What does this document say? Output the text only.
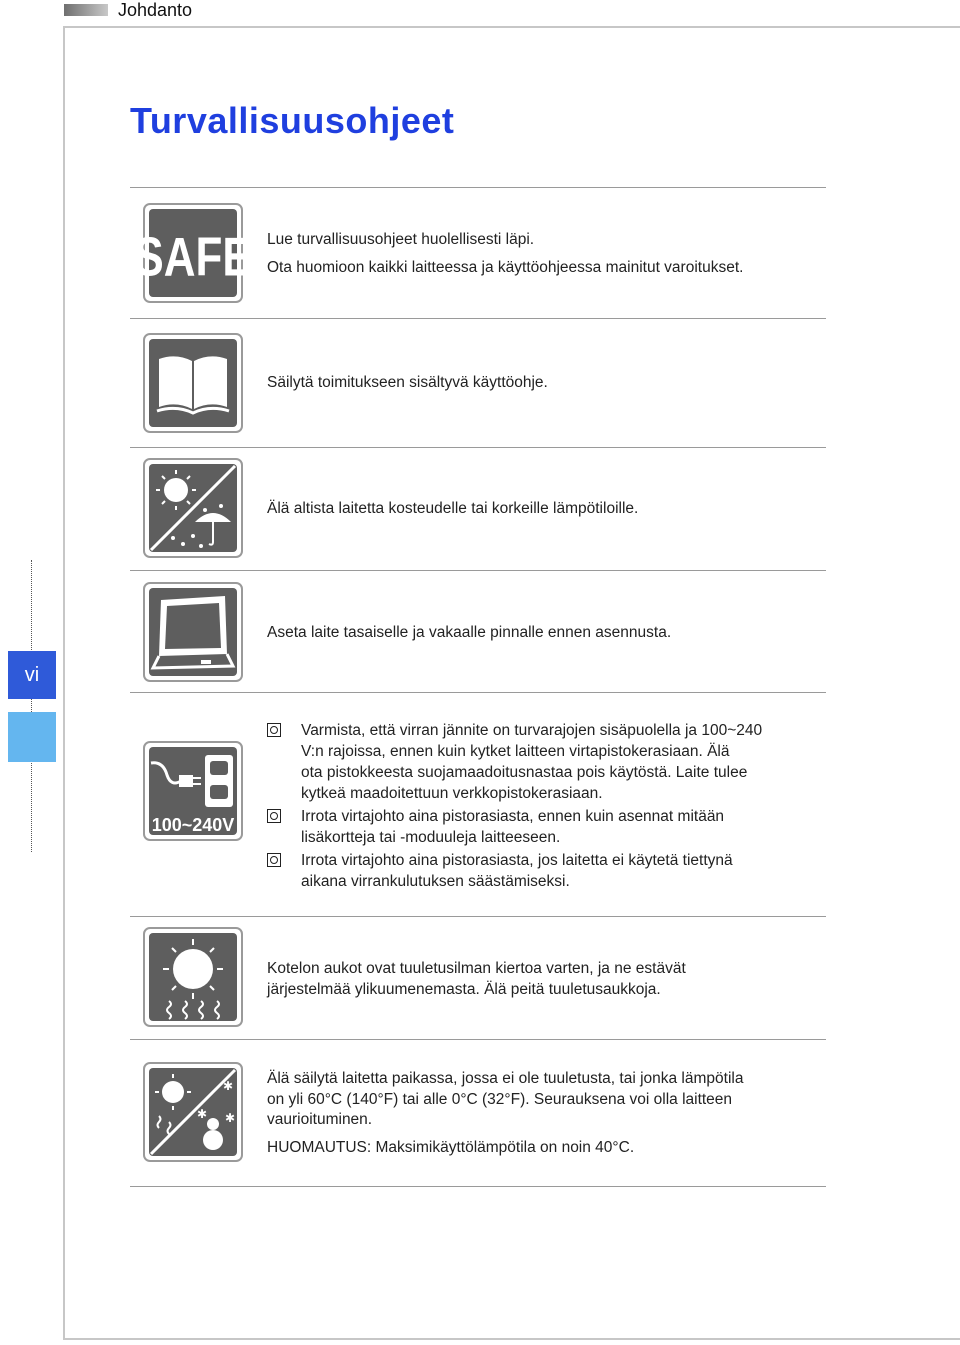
Johdanto
vi
Turvallisuusohjeet
SAFE Lue turvallisuusohjeet huolellisesti läpi.
Ota huomioon kaikki laitteessa ja käyttöohjeessa mainitut varoitukset.
Säilytä toimitukseen sisältyvä käyttöohje.
Älä altista laitetta kosteudelle tai korkeille lämpötiloille.
Aseta laite tasaiselle ja vakaalle pinnalle ennen asennusta.
100~240V
Varmista, että virran jännite on turvarajojen sisäpuolella ja 100~240
V:n rajoissa, ennen kuin kytket laitteen virtapistokerasiaan. Älä
ota pistokkeesta suojamaadoitusnastaa pois käytöstä. Laite tulee
kytkeä maadoitettuun verkkopistokerasiaan.
Irrota virtajohto aina pistorasiasta, ennen kuin asennat mitään
lisäkortteja tai -moduuleja laitteeseen.
Irrota virtajohto aina pistorasiasta, jos laitetta ei käytetä tiettynä
aikana virrankulutuksen säästämiseksi.
Kotelon aukot ovat tuuletusilman kiertoa varten, ja ne estävät
järjestelmää ylikuumenemasta. Älä peitä tuuletusaukkoja.
✱
✱ ✱
Älä säilytä laitetta paikassa, jossa ei ole tuuletusta, tai jonka lämpötila
on yli 60°C (140°F) tai alle 0°C (32°F). Seurauksena voi olla laitteen
vaurioituminen.
HUOMAUTUS: Maksimikäyttölämpötila on noin 40°C.
